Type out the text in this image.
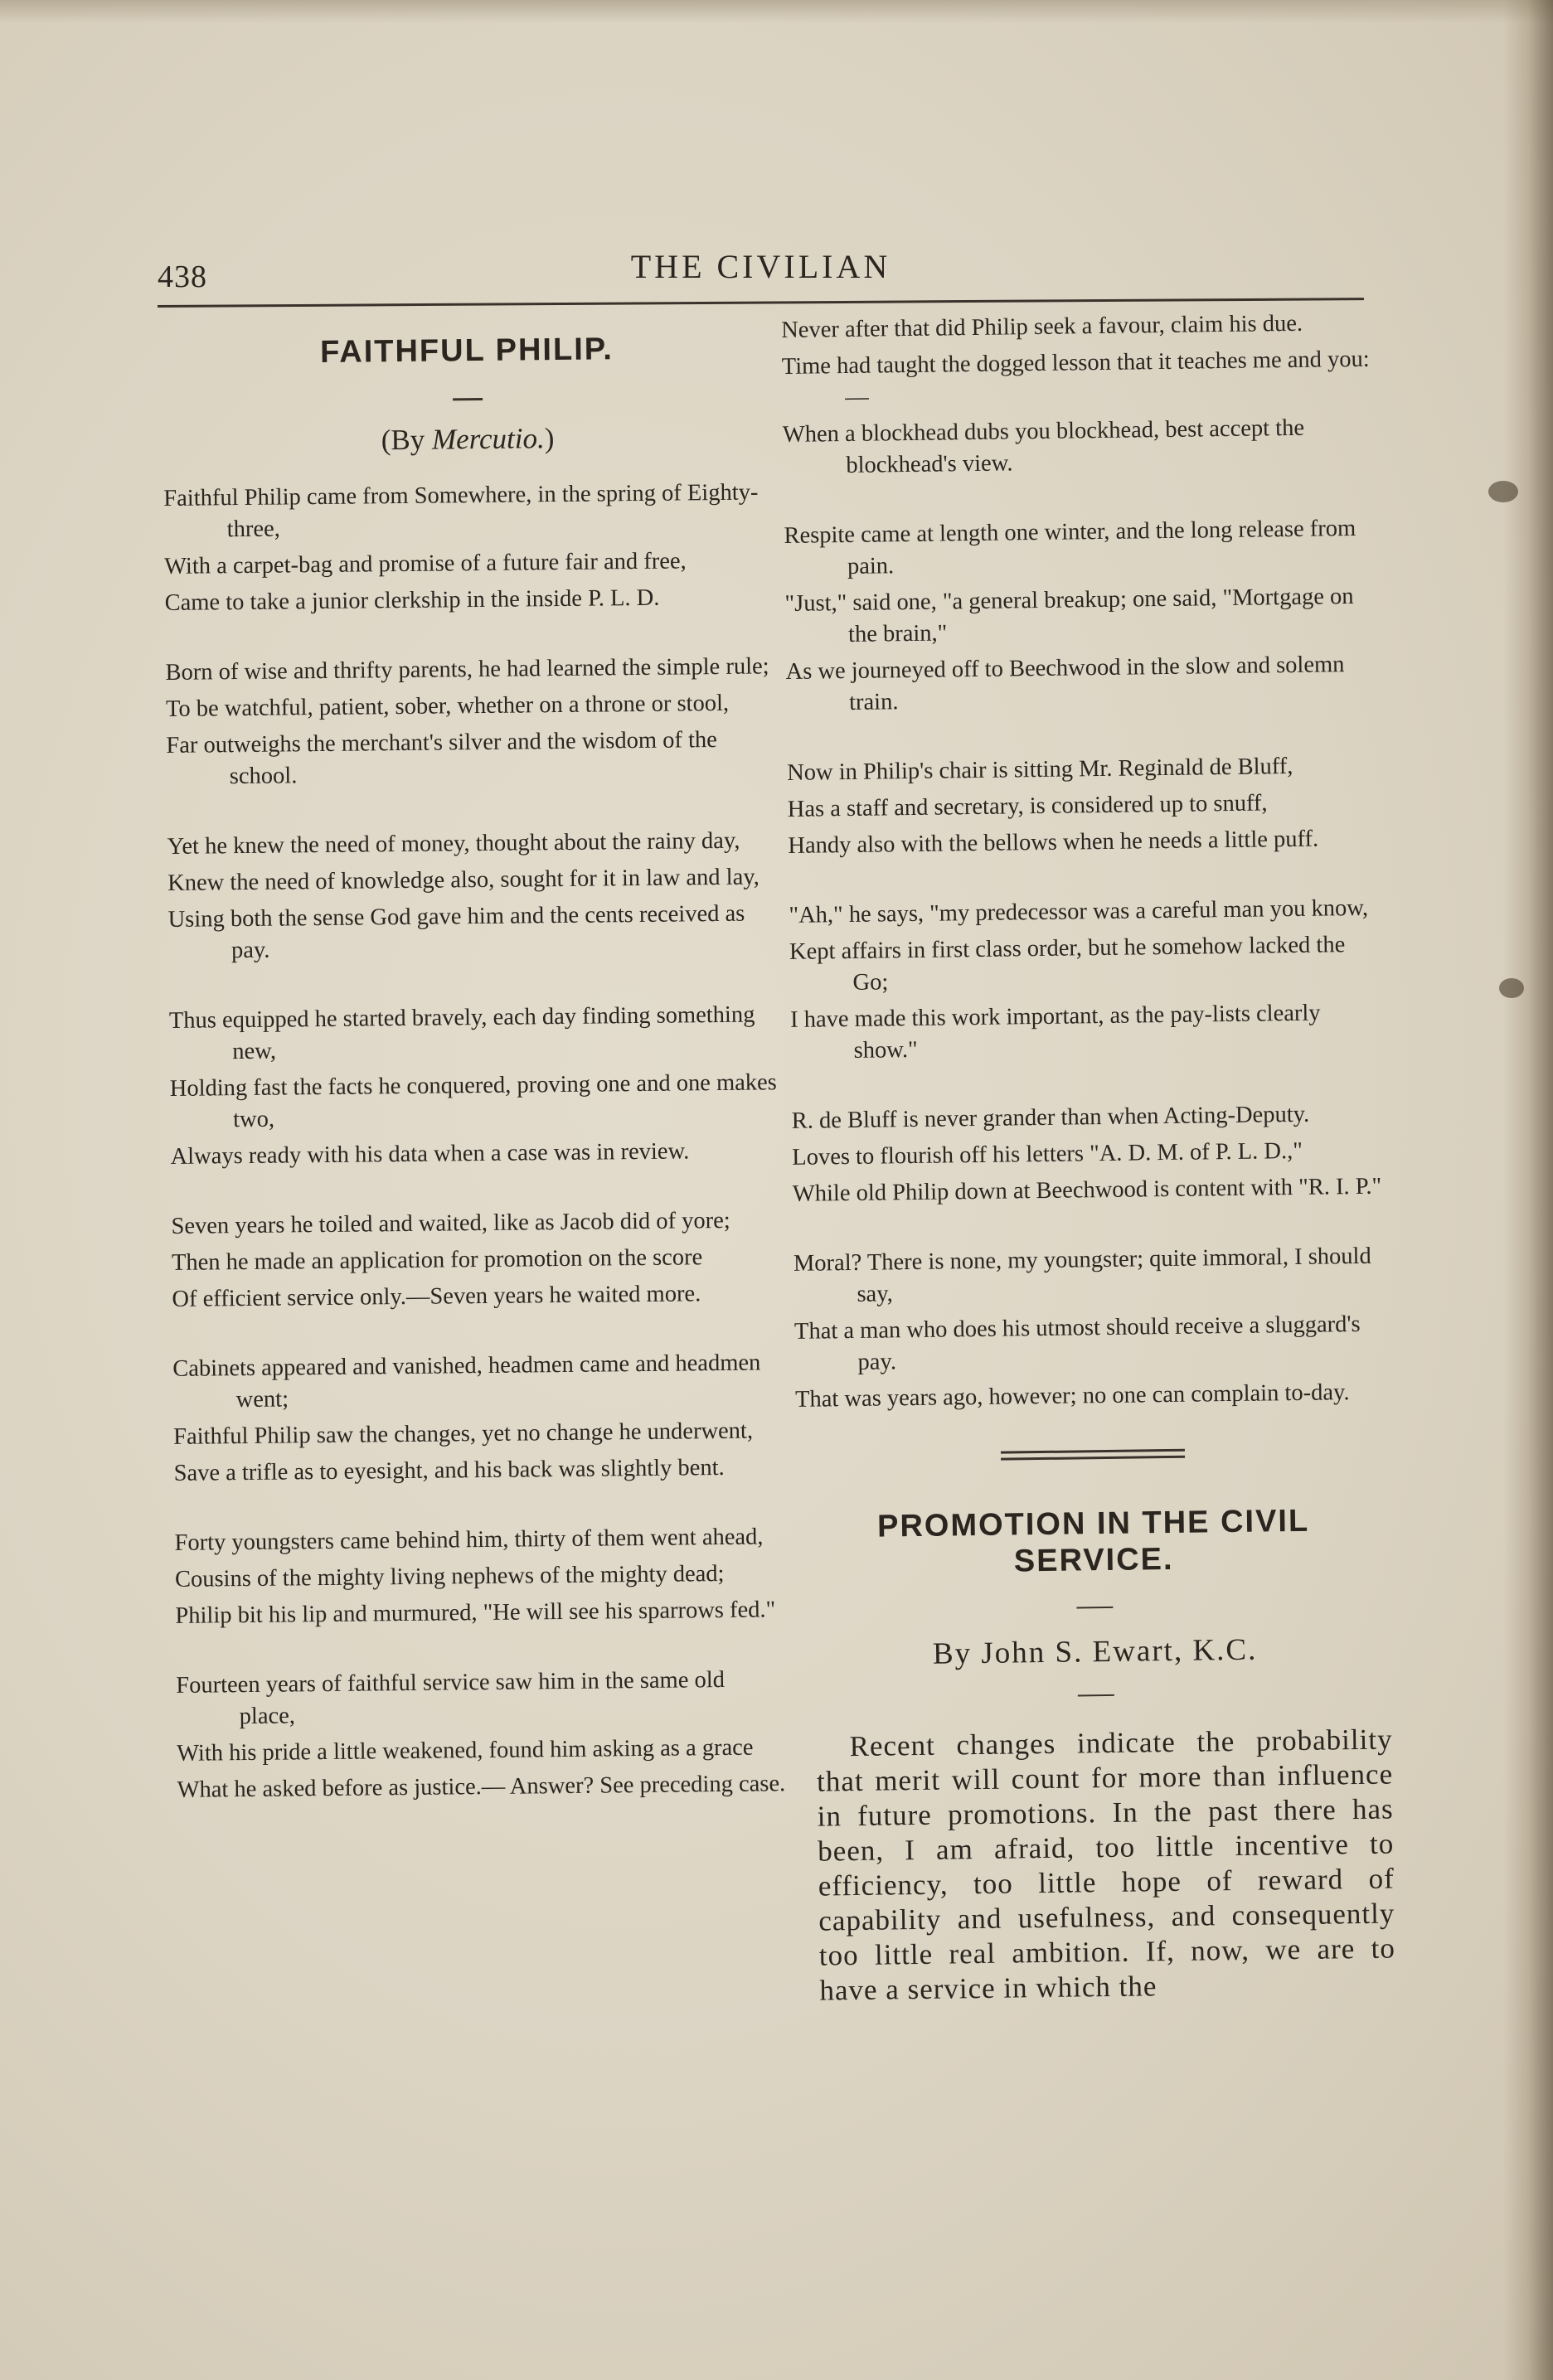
438	THE CIVILIAN
FAITHFUL PHILIP.
(By Mercutio.)
Faithful Philip came from Somewhere, in the spring of Eighty-three,
With a carpet-bag and promise of a future fair and free,
Came to take a junior clerkship in the inside P. L. D.
Born of wise and thrifty parents, he had learned the simple rule;
To be watchful, patient, sober, whether on a throne or stool,
Far outweighs the merchant's silver and the wisdom of the school.
Yet he knew the need of money, thought about the rainy day,
Knew the need of knowledge also, sought for it in law and lay,
Using both the sense God gave him and the cents received as pay.
Thus equipped he started bravely, each day finding something new,
Holding fast the facts he conquered, proving one and one makes two,
Always ready with his data when a case was in review.
Seven years he toiled and waited, like as Jacob did of yore;
Then he made an application for promotion on the score
Of efficient service only.—Seven years he waited more.
Cabinets appeared and vanished, headmen came and headmen went;
Faithful Philip saw the changes, yet no change he underwent,
Save a trifle as to eyesight, and his back was slightly bent.
Forty youngsters came behind him, thirty of them went ahead,
Cousins of the mighty living nephews of the mighty dead;
Philip bit his lip and murmured, "He will see his sparrows fed."
Fourteen years of faithful service saw him in the same old place,
With his pride a little weakened, found him asking as a grace
What he asked before as justice.— Answer? See preceding case.
Never after that did Philip seek a favour, claim his due.
Time had taught the dogged lesson that it teaches me and you:—
When a blockhead dubs you blockhead, best accept the blockhead's view.
Respite came at length one winter, and the long release from pain.
"Just," said one, "a general breakup; one said, "Mortgage on the brain,"
As we journeyed off to Beechwood in the slow and solemn train.
Now in Philip's chair is sitting Mr. Reginald de Bluff,
Has a staff and secretary, is considered up to snuff,
Handy also with the bellows when he needs a little puff.
"Ah," he says, "my predecessor was a careful man you know,
Kept affairs in first class order, but he somehow lacked the Go;
I have made this work important, as the pay-lists clearly show."
R. de Bluff is never grander than when Acting-Deputy.
Loves to flourish off his letters "A. D. M. of P. L. D.,"
While old Philip down at Beechwood is content with "R. I. P."
Moral? There is none, my youngster; quite immoral, I should say,
That a man who does his utmost should receive a sluggard's pay.
That was years ago, however; no one can complain to-day.
PROMOTION IN THE CIVIL SERVICE.
By John S. Ewart, K.C.
Recent changes indicate the probability that merit will count for more than influence in future promotions. In the past there has been, I am afraid, too little incentive to efficiency, too little hope of reward of capability and usefulness, and consequently too little real ambition. If, now, we are to have a service in which the
